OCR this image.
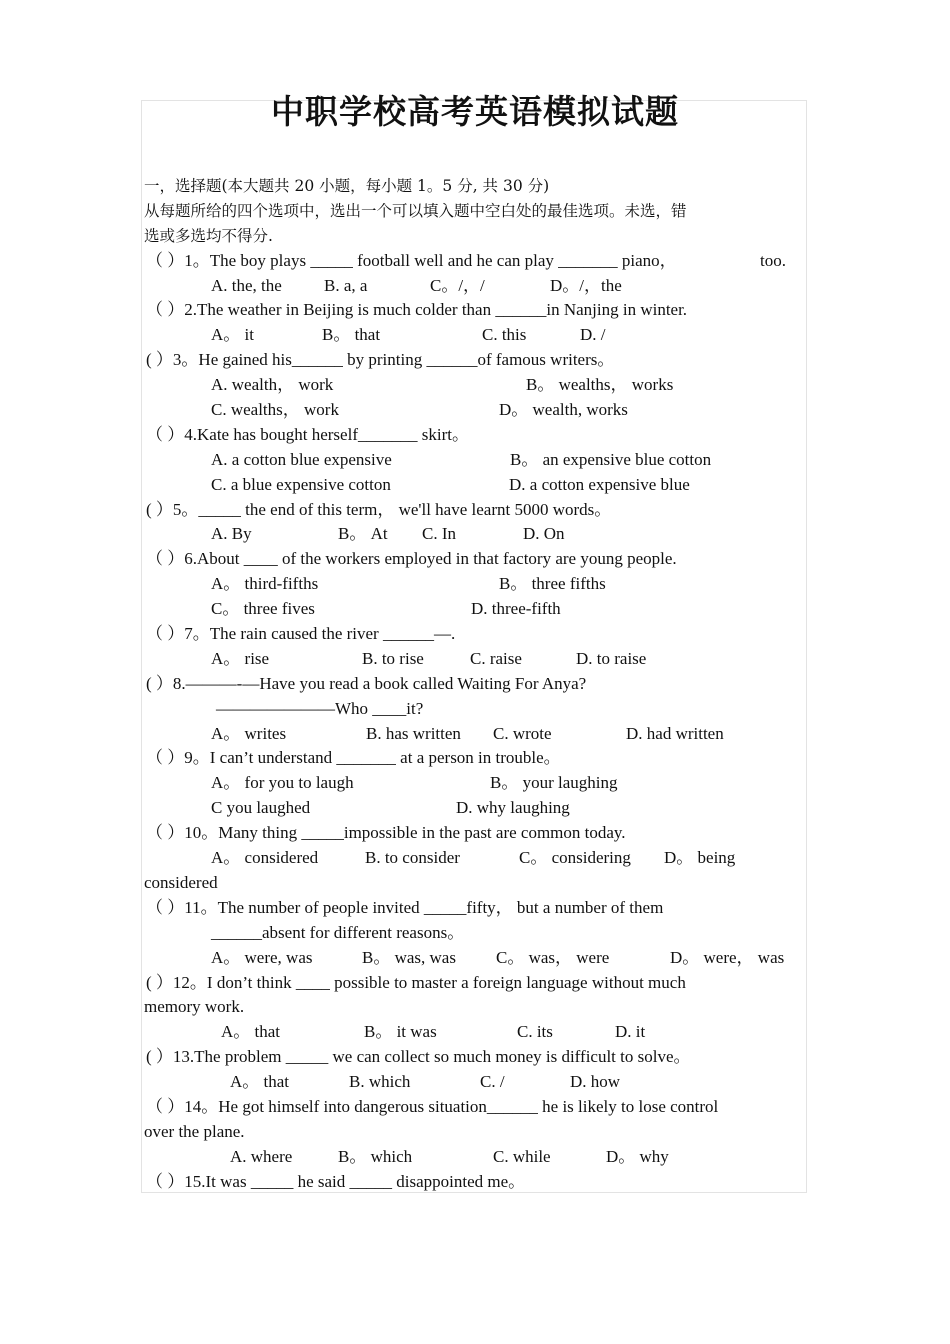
中职学校高考英语模拟试题
一，选择题(本大题共 20 小题，每小题 1。5 分, 共 30 分)
从每题所给的四个选项中，选出一个可以填入题中空白处的最佳选项。未选，错
选或多选均不得分.
（ ）1。The boy plays _____ football well and he can play _______ piano，	too.
A. the, the B. a, a	C。/，/	D。/，the
（ ）2.The weather in Beijing is much colder than ______in Nanjing in winter.
A。 it	B。 that	C. this	D. /
( ）3。He gained his______ by printing ______of famous writers。
A. wealth， work	B。 wealths， works
C. wealths， work	D。 wealth, works
（ ）4.Kate has bought herself_______ skirt。
A. a cotton blue expensive	B。 an expensive blue cotton
C. a blue expensive cotton	D. a cotton expensive blue
( ）5。_____ the end of this term， we'll have learnt 5000 words。
A. By	B。 At C. In	D. On
（ ）6.About ____ of the workers employed in that factory are young people.
A。 third-fifths	B。 three fifths
C。 three fives	D. three-fifth
（ ）7。The rain caused the river ______—.
A。 rise	B. to rise	C. raise	D. to raise
( ）8.———-—Have you read a book called Waiting For Anya?
———————Who ____it?
A。 writes	B. has written C. wrote	D. had written
（ ）9。I can’t understand _______ at a person in trouble。
A。 for you to laugh	B。 your laughing
C you laughed	D. why laughing
（ ）10。Many thing _____impossible in the past are common today.
A。 considered	B. to consider	C。 considering D。 being
considered
（ ）11。The number of people invited _____fifty， but a number of them
______absent for different reasons。
A。 were, was	B。 was, was C。 was， were	D。 were， was
( ）12。I don’t think ____ possible to master a foreign language without much
memory work.
A。 that	B。 it was	C. its	D. it
( ）13.The problem _____ we can collect so much money is difficult to solve。
A。 that	B. which	C. /	D. how
（ ）14。He got himself into dangerous situation______ he is likely to lose control
over the plane.
A. where	B。 which	C. while	D。 why
（ ）15.It was _____ he said _____ disappointed me。
